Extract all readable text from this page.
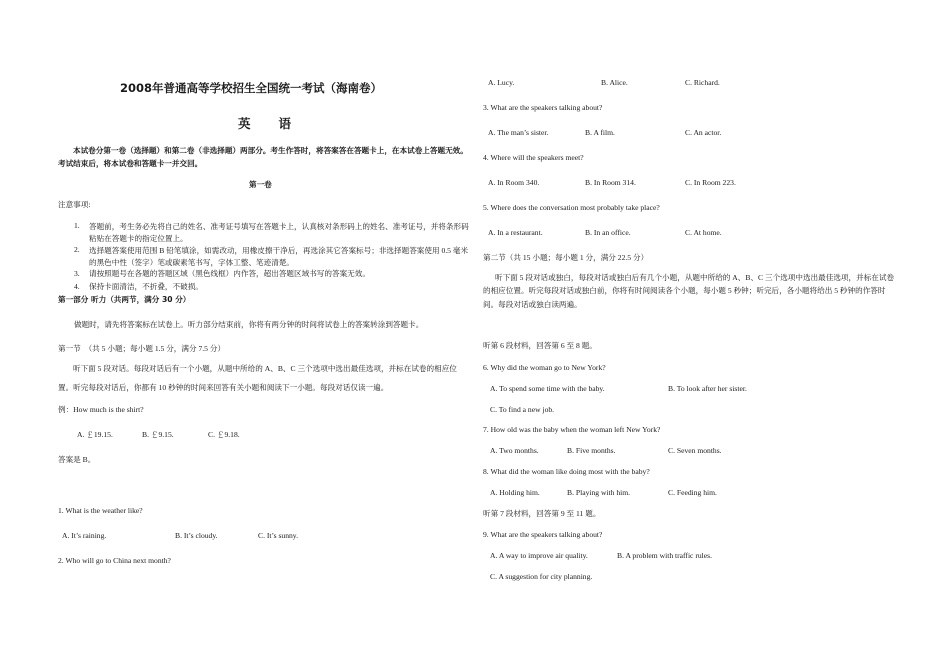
2008年普通高等学校招生全国统一考试（海南卷）
英　　语
本试卷分第一卷（选择题）和第二卷（非选择题）两部分。考生作答时，将答案答在答题卡上，在本试卷上答题无效。考试结束后，将本试卷和答题卡一并交回。
第一卷
注意事项:
1. 答题前，考生务必先将自己的姓名、准考证号填写在答题卡上，认真核对条形码上的姓名、准考证号，并将条形码粘贴在答题卡的指定位置上。
2. 选择题答案使用范围 B 铅笔填涂，如需改动，用橡皮擦干净后，再选涂其它答案标号；非选择题答案使用 0.5 毫米的黑色中性（签字）笔或碳素笔书写，字体工整、笔迹清楚。
3. 请按照题号在各题的答题区域（黑色线框）内作答，超出答题区域书写的答案无效。
4. 保持卡面清洁，不折叠，不破损。
第一部分 听力（共两节，满分 30 分）
做题时，请先将答案标在试卷上。听力部分结束前，你将有两分钟的时间将试卷上的答案转涂到答题卡。
第一节　（共 5 小题；每小题 1.5 分，满分 7.5 分）
听下面 5 段对话。每段对话后有一个小题，从题中所给的 A、B、C 三个选项中选出最佳选项，并标在试卷的相应位置。听完每段对话后，你都有 10 秒钟的时间来回答有关小题和阅读下一小题。每段对话仅读一遍。
例：How much is the shirt?
A. ￡19.15.	B. ￡9.15.	C. ￡9.18.
答案是 B。
1. What is the weather like?
A. It’s raining.	B. It’s cloudy.	C. It’s sunny.
2. Who will go to China next month?
A. Lucy.	B. Alice.	C. Richard.
3. What are the speakers talking about?
A. The man’s sister.	B. A film.	C. An actor.
4. Where will the speakers meet?
A. In Room 340.	B. In Room 314.	C. In Room 223.
5. Where does the conversation most probably take place?
A. In a restaurant.	B. In an office.	C. At home.
第二节（共 15 小题；每小题 1 分，满分 22.5 分）
听下面 5 段对话或独白，每段对话或独白后有几个小题，从题中所给的 A、B、C 三个选项中选出最佳选项，并标在试卷的相应位置。听完每段对话或独白前，你将有时间阅读各个小题，每小题 5 秒钟；听完后，各小题将给出 5 秒钟的作答时间。每段对话或独白读两遍。
听第 6 段材料，回答第 6 至 8 题。
6. Why did the woman go to New York?
A. To spend some time with the baby.	B. To look after her sister.
C. To find a new job.
7. How old was the baby when the woman left New York?
A. Two months.	B. Five months.	C. Seven months.
8. What did the woman like doing most with the baby?
A. Holding him.	B. Playing with him.	C. Feeding him.
听第 7 段材料，回答第 9 至 11 题。
9. What are the speakers talking about?
A. A way to improve air quality.	B. A problem with traffic rules.
C. A suggestion for city planning.
